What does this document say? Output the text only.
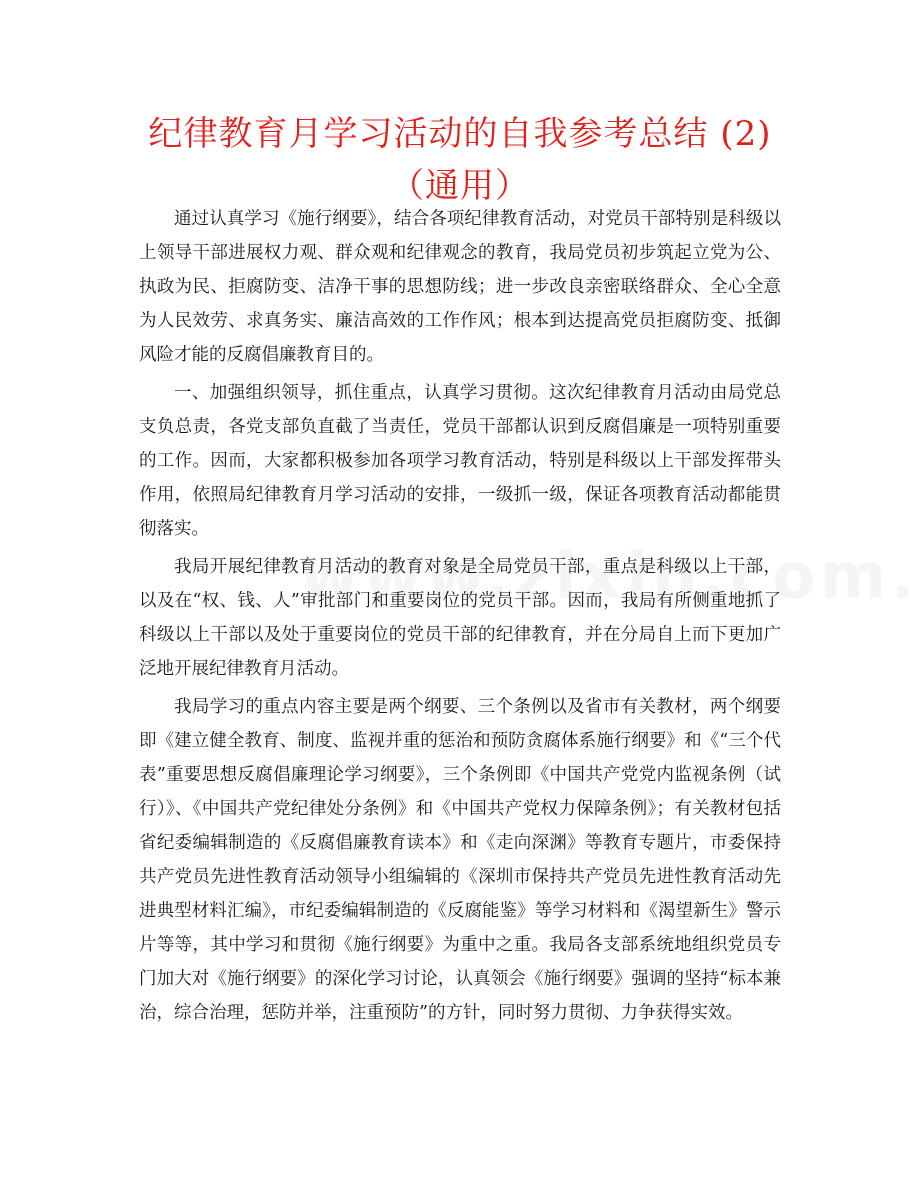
纪律教育月学习活动的自我参考总结 (2)（通用）

通过认真学习《施行纲要》，结合各项纪律教育活动，对党员干部特别是科级以上领导干部进展权力观、群众观和纪律观念的教育，我局党员初步筑起立党为公、执政为民、拒腐防变、洁净干事的思想防线；进一步改良亲密联络群众、全心全意为人民效劳、求真务实、廉洁高效的工作作风；根本到达提高党员拒腐防变、抵御风险才能的反腐倡廉教育目的。

一、加强组织领导，抓住重点，认真学习贯彻。这次纪律教育月活动由局党总支负总责，各党支部负直截了当责任，党员干部都认识到反腐倡廉是一项特别重要的工作。因而，大家都积极参加各项学习教育活动，特别是科级以上干部发挥带头作用，依照局纪律教育月学习活动的安排，一级抓一级，保证各项教育活动都能贯彻落实。

我局开展纪律教育月活动的教育对象是全局党员干部，重点是科级以上干部，以及在“权、钱、人”审批部门和重要岗位的党员干部。因而，我局有所侧重地抓了科级以上干部以及处于重要岗位的党员干部的纪律教育，并在分局自上而下更加广泛地开展纪律教育月活动。

我局学习的重点内容主要是两个纲要、三个条例以及省市有关教材，两个纲要即《建立健全教育、制度、监视并重的惩治和预防贪腐体系施行纲要》和《“三个代表”重要思想反腐倡廉理论学习纲要》，三个条例即《中国共产党党内监视条例（试行）》、《中国共产党纪律处分条例》和《中国共产党权力保障条例》；有关教材包括省纪委编辑制造的《反腐倡廉教育读本》和《走向深渊》等教育专题片，市委保持共产党员先进性教育活动领导小组编辑的《深圳市保持共产党员先进性教育活动先进典型材料汇编》，市纪委编辑制造的《反腐能鉴》等学习材料和《渴望新生》警示片等等，其中学习和贯彻《施行纲要》为重中之重。我局各支部系统地组织党员专门加大对《施行纲要》的深化学习讨论，认真领会《施行纲要》强调的坚持“标本兼治，综合治理，惩防并举，注重预防”的方针，同时努力贯彻、力争获得实效。
